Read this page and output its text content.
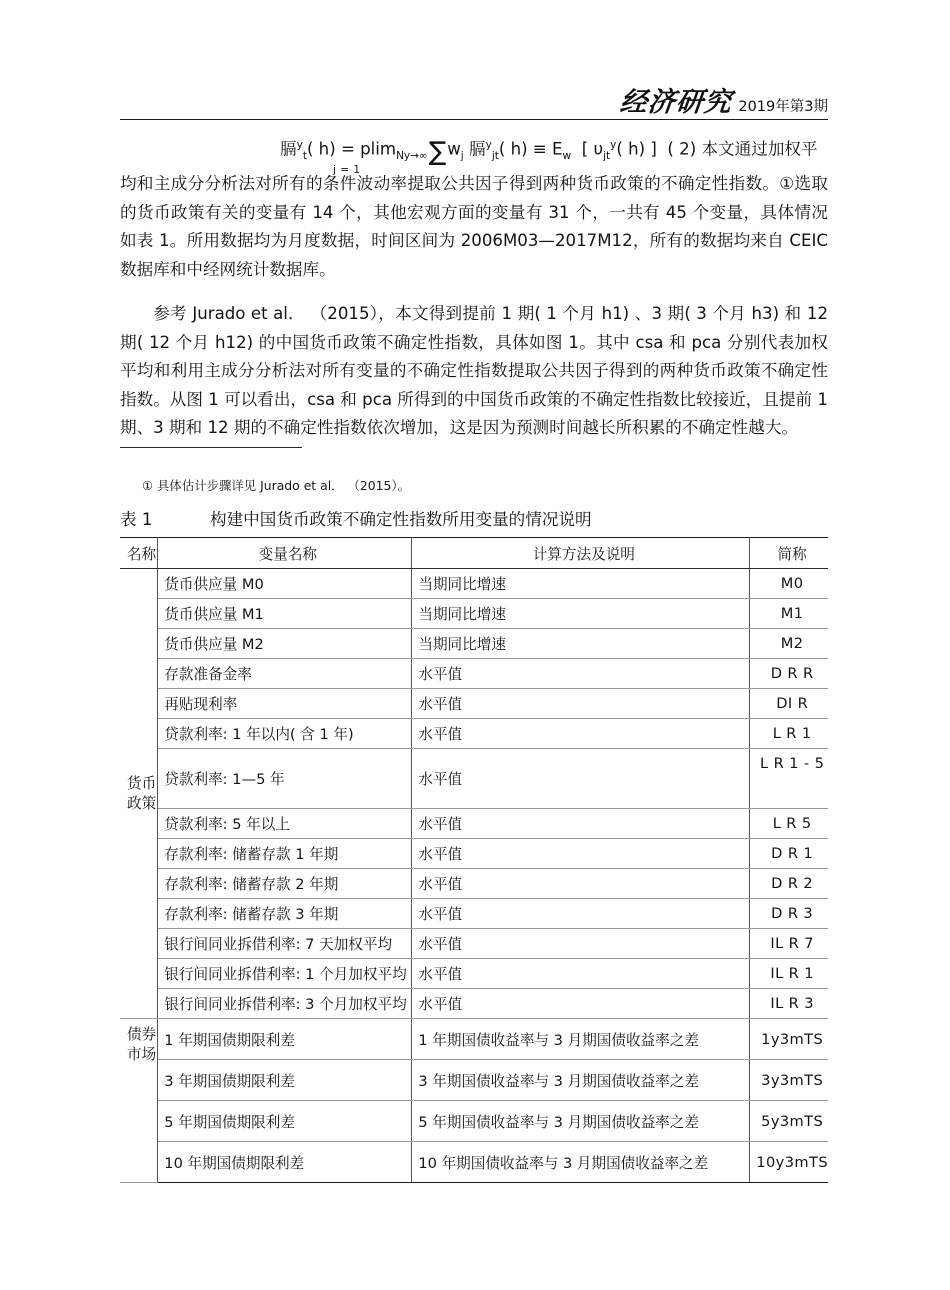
经济研究 2019年第3期
膈$^y_t$( $h) = plim_{Ny\to\infty}\sum w_j$ 膈$^y_{jt}$( $h) \equiv E_w$ [ $\upsilon_{jt}^y$( h) ] ( 2) 本文通过加权平
j = 1
均和主成分分析法对所有的条件波动率提取公共因子得到两种货币政策的不确定性指数。①选取的货币政策有关的变量有 14 个，其他宏观方面的变量有 31 个，一共有 45 个变量，具体情况如表 1。所用数据均为月度数据，时间区间为 2006M03—2017M12，所有的数据均来自 CEIC 数据库和中经网统计数据库。
参考 Jurado et al． （2015），本文得到提前 1 期( 1 个月 h1) 、3 期( 3 个月 h3) 和 12 期( 12 个月 h12) 的中国货币政策不确定性指数，具体如图 1。其中 csa 和 pca 分别代表加权平均和利用主成分分析法对所有变量的不确定性指数提取公共因子得到的两种货币政策不确定性指数。从图 1 可以看出，csa 和 pca 所得到的中国货币政策的不确定性指数比较接近，且提前 1 期、3 期和 12 期的不确定性指数依次增加，这是因为预测时间越长所积累的不确定性越大。
① 具体估计步骤详见 Jurado et al． （2015）。
表 1	构建中国货币政策不确定性指数所用变量的情况说明
名称	变量名称	计算方法及说明	简称

货币
政策	货币供应量 M0	当期同比增速	M0

	货币供应量 M1	当期同比增速	M1

	货币供应量 M2	当期同比增速	M2

	存款准备金率	水平值	D R R

	再贴现利率	水平值	DI R

	贷款利率: 1 年以内( 含 1 年)	水平值	L R 1

	贷款利率: 1—5 年	水平值	L R 1 - 5

	贷款利率: 5 年以上	水平值	L R 5

	存款利率: 储蓄存款 1 年期	水平值	D R 1

	存款利率: 储蓄存款 2 年期	水平值	D R 2

	存款利率: 储蓄存款 3 年期	水平值	D R 3

	银行间同业拆借利率: 7 天加权平均	水平值	IL R 7

	银行间同业拆借利率: 1 个月加权平均	水平值	IL R 1

	银行间同业拆借利率: 3 个月加权平均	水平值	IL R 3

债券
市场	1 年期国债期限利差	1 年期国债收益率与 3 月期国债收益率之差	1y3mTS

	3 年期国债期限利差	3 年期国债收益率与 3 月期国债收益率之差	3y3mTS

	5 年期国债期限利差	5 年期国债收益率与 3 月期国债收益率之差	5y3mTS

	10 年期国债期限利差	10 年期国债收益率与 3 月期国债收益率之差	10y3mTS
